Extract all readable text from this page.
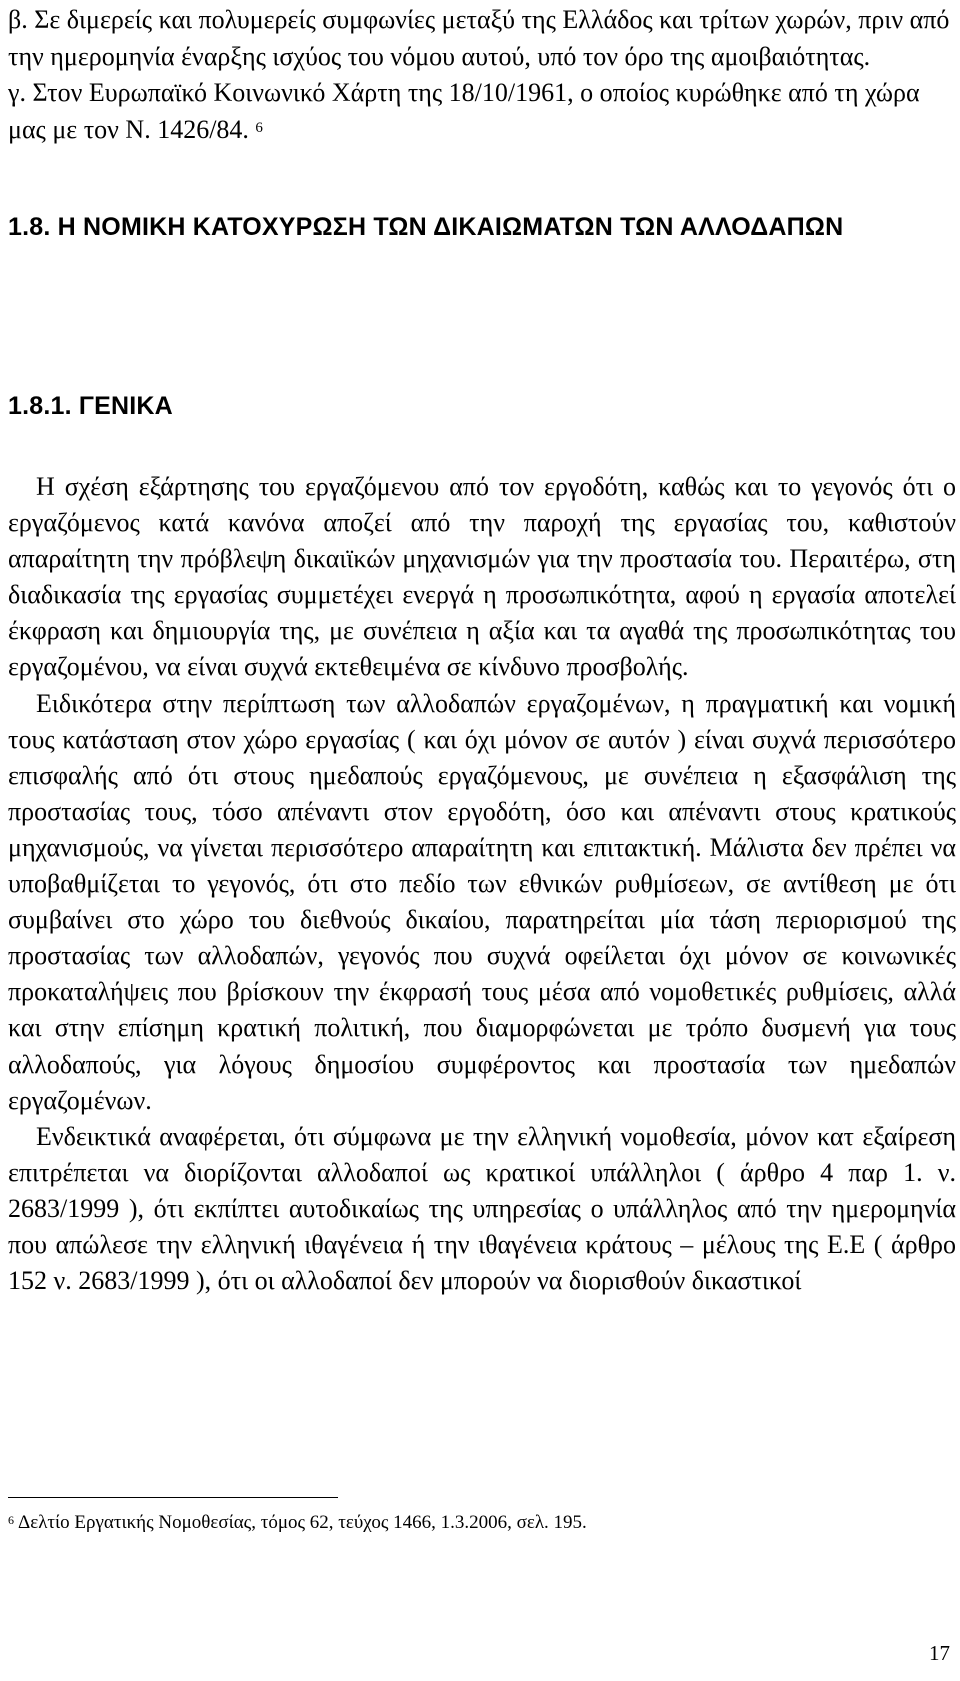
β. Σε διμερείς και πολυμερείς συμφωνίες μεταξύ της Ελλάδος και τρίτων χωρών, πριν από την ημερομηνία έναρξης ισχύος του νόμου αυτού, υπό τον όρο της αμοιβαιότητας.

γ. Στον Ευρωπαϊκό Κοινωνικό Χάρτη της 18/10/1961, ο οποίος κυρώθηκε από τη χώρα μας με τον Ν. 1426/84. $^6$

1.8. Η ΝΟΜΙΚΗ ΚΑΤΟΧΥΡΩΣΗ ΤΩΝ ΔΙΚΑΙΩΜΑΤΩΝ ΤΩΝ ΑΛΛΟΔΑΠΩΝ
1.8.1. ΓΕΝΙΚΑ

Η σχέση εξάρτησης του εργαζόμενου από τον εργοδότη, καθώς και το γεγονός ότι ο εργαζόμενος κατά κανόνα αποζεί από την παροχή της εργασίας του, καθιστούν απαραίτητη την πρόβλεψη δικαιϊκών μηχανισμών για την προστασία του. Περαιτέρω, στη διαδικασία της εργασίας συμμετέχει ενεργά η προσωπικότητα, αφού η εργασία αποτελεί έκφραση και δημιουργία της, με συνέπεια η αξία και τα αγαθά της προσωπικότητας του εργαζομένου, να είναι συχνά εκτεθειμένα σε κίνδυνο προσβολής.

Ειδικότερα στην περίπτωση των αλλοδαπών εργαζομένων, η πραγματική και νομική τους κατάσταση στον χώρο εργασίας ( και όχι μόνον σε αυτόν ) είναι συχνά περισσότερο επισφαλής από ότι στους ημεδαπούς εργαζόμενους, με συνέπεια η εξασφάλιση της προστασίας τους, τόσο απέναντι στον εργοδότη, όσο και απέναντι στους κρατικούς μηχανισμούς, να γίνεται περισσότερο απαραίτητη και επιτακτική. Μάλιστα δεν πρέπει να υποβαθμίζεται το γεγονός, ότι στο πεδίο των εθνικών ρυθμίσεων, σε αντίθεση με ότι συμβαίνει στο χώρο του διεθνούς δικαίου, παρατηρείται μία τάση περιορισμού της προστασίας των αλλοδαπών, γεγονός που συχνά οφείλεται όχι μόνον σε κοινωνικές προκαταλήψεις που βρίσκουν την έκφρασή τους μέσα από νομοθετικές ρυθμίσεις, αλλά και στην επίσημη κρατική πολιτική, που διαμορφώνεται με τρόπο δυσμενή για τους αλλοδαπούς, για λόγους δημοσίου συμφέροντος και προστασία των ημεδαπών εργαζομένων.

Ενδεικτικά αναφέρεται, ότι σύμφωνα με την ελληνική νομοθεσία, μόνον κατ εξαίρεση επιτρέπεται να διορίζονται αλλοδαποί ως κρατικοί υπάλληλοι ( άρθρο 4 παρ 1. ν. 2683/1999 ), ότι εκπίπτει αυτοδικαίως της υπηρεσίας ο υπάλληλος από την ημερομηνία που απώλεσε την ελληνική ιθαγένεια ή την ιθαγένεια κράτους – μέλους της Ε.Ε ( άρθρο 152 ν. 2683/1999 ), ότι οι αλλοδαποί δεν μπορούν να διορισθούν δικαστικοί

$^6$ Δελτίο Εργατικής Νομοθεσίας, τόμος 62, τεύχος 1466, 1.3.2006, σελ. 195.
17
